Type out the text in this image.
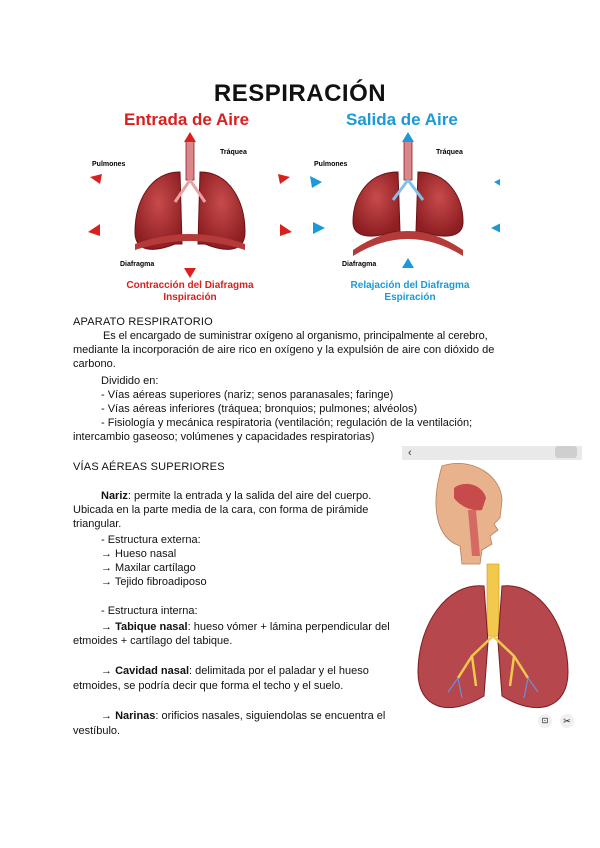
RESPIRACIÓN
Entrada de Aire	Salida de Aire
Pulmones
Tráquea
Diafragma
Pulmones
Tráquea
Diafragma
Contracción del Diafragma
Inspiración
Relajación del Diafragma
Espiración
APARATO RESPIRATORIO
Es el encargado de suministrar oxígeno al organismo, principalmente al cerebro,
mediante la incorporación de aire rico en oxígeno y la expulsión de aire con dióxido de
carbono.
Dividido en:
- Vías aéreas superiores (nariz; senos paranasales; faringe)
- Vías aéreas inferiores (tráquea; bronquios; pulmones; alvéolos)
- Fisiología y mecánica respiratoria (ventilación; regulación de la ventilación;
intercambio gaseoso; volúmenes y capacidades respiratorias)
VÍAS AÉREAS SUPERIORES
Nariz: permite la entrada y la salida del aire del cuerpo.
Ubicada en la parte media de la cara, con forma de pirámide
triangular.
- Estructura externa:
→ Hueso nasal
→ Maxilar cartílago
→ Tejido fibroadiposo
- Estructura interna:
→ Tabique nasal: hueso vómer + lámina perpendicular del
etmoides + cartílago del tabique.
→ Cavidad nasal: delimitada por el paladar y el hueso
etmoides, se podría decir que forma el techo y el suelo.
→ Narinas: orificios nasales, siguiendolas se encuentra el
vestíbulo.
‹
⊡	✂
